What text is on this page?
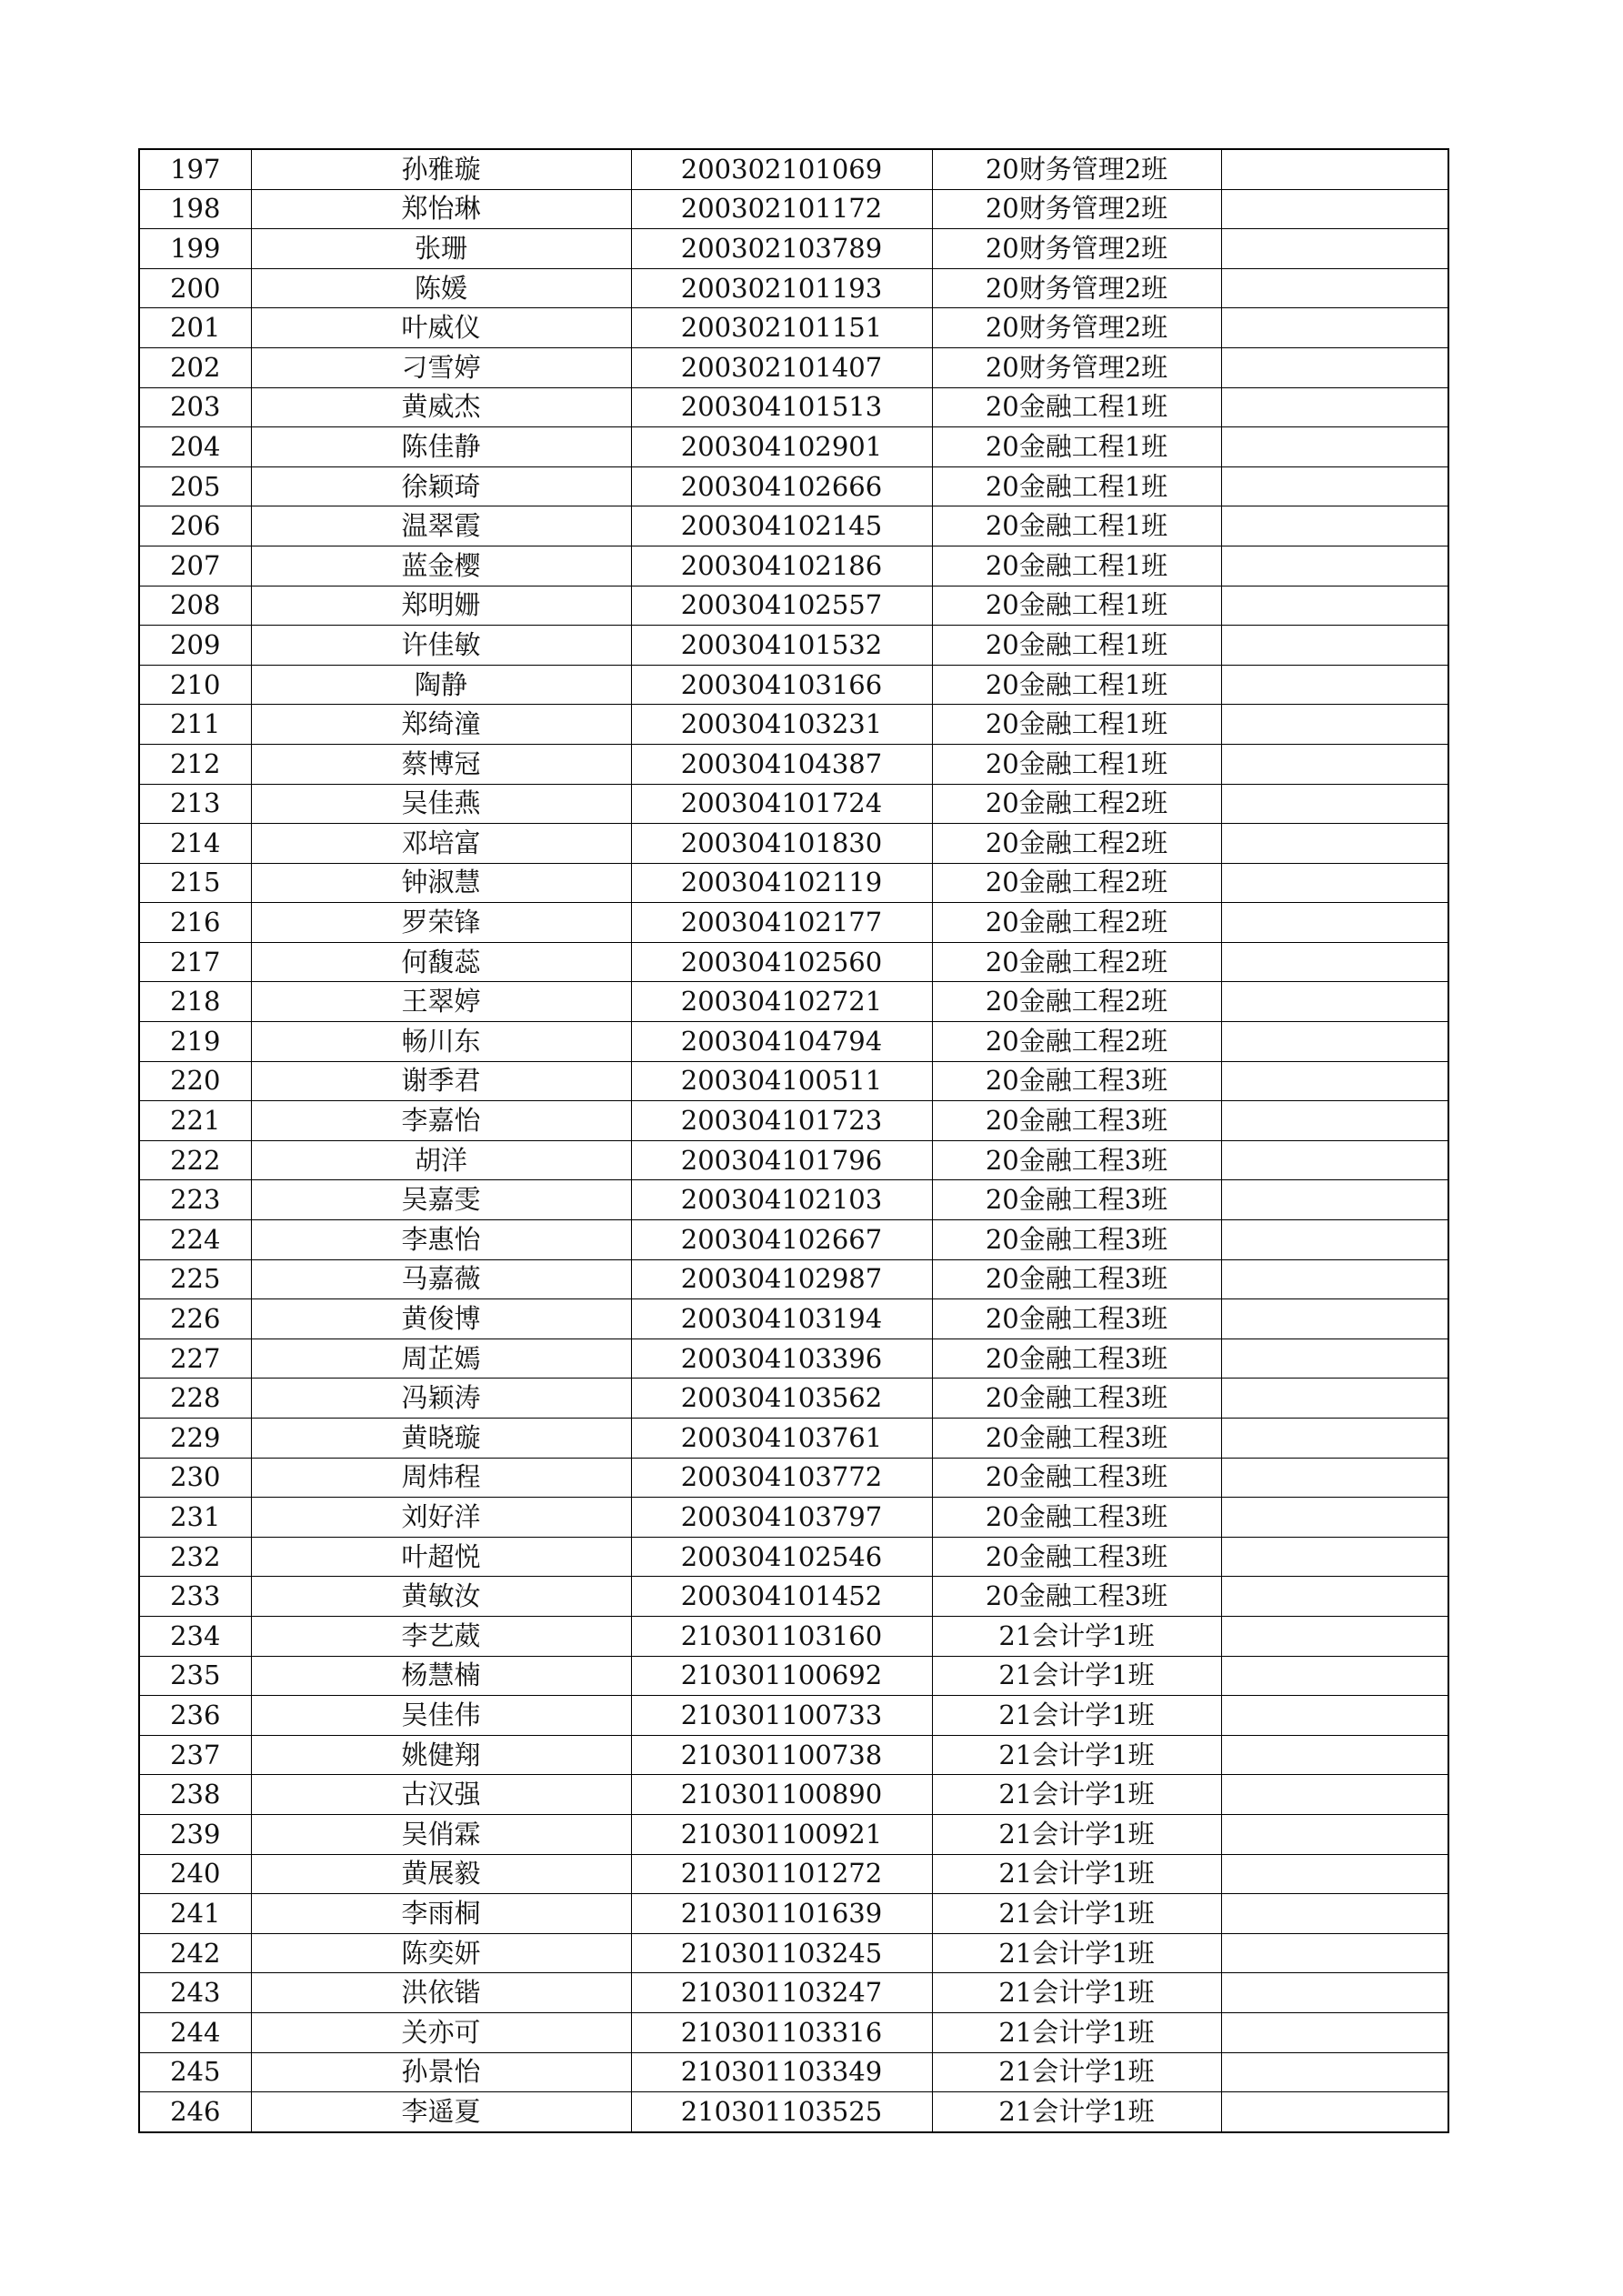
197	孙雅璇	200302101069	20财务管理2班	
198	郑怡琳	200302101172	20财务管理2班	
199	张珊	200302103789	20财务管理2班	
200	陈媛	200302101193	20财务管理2班	
201	叶威仪	200302101151	20财务管理2班	
202	刁雪婷	200302101407	20财务管理2班	
203	黄威杰	200304101513	20金融工程1班	
204	陈佳静	200304102901	20金融工程1班	
205	徐颖琦	200304102666	20金融工程1班	
206	温翠霞	200304102145	20金融工程1班	
207	蓝金樱	200304102186	20金融工程1班	
208	郑明姗	200304102557	20金融工程1班	
209	许佳敏	200304101532	20金融工程1班	
210	陶静	200304103166	20金融工程1班	
211	郑绮潼	200304103231	20金融工程1班	
212	蔡博冠	200304104387	20金融工程1班	
213	吴佳燕	200304101724	20金融工程2班	
214	邓培富	200304101830	20金融工程2班	
215	钟淑慧	200304102119	20金融工程2班	
216	罗荣锋	200304102177	20金融工程2班	
217	何馥蕊	200304102560	20金融工程2班	
218	王翠婷	200304102721	20金融工程2班	
219	畅川东	200304104794	20金融工程2班	
220	谢季君	200304100511	20金融工程3班	
221	李嘉怡	200304101723	20金融工程3班	
222	胡洋	200304101796	20金融工程3班	
223	吴嘉雯	200304102103	20金融工程3班	
224	李惠怡	200304102667	20金融工程3班	
225	马嘉薇	200304102987	20金融工程3班	
226	黄俊博	200304103194	20金融工程3班	
227	周芷嫣	200304103396	20金融工程3班	
228	冯颖涛	200304103562	20金融工程3班	
229	黄晓璇	200304103761	20金融工程3班	
230	周炜程	200304103772	20金融工程3班	
231	刘好洋	200304103797	20金融工程3班	
232	叶超悦	200304102546	20金融工程3班	
233	黄敏汝	200304101452	20金融工程3班	
234	李艺葳	210301103160	21会计学1班	
235	杨慧楠	210301100692	21会计学1班	
236	吴佳伟	210301100733	21会计学1班	
237	姚健翔	210301100738	21会计学1班	
238	古汉强	210301100890	21会计学1班	
239	吴俏霖	210301100921	21会计学1班	
240	黄展毅	210301101272	21会计学1班	
241	李雨桐	210301101639	21会计学1班	
242	陈奕妍	210301103245	21会计学1班	
243	洪依锴	210301103247	21会计学1班	
244	关亦可	210301103316	21会计学1班	
245	孙景怡	210301103349	21会计学1班	
246	李遥夏	210301103525	21会计学1班	
